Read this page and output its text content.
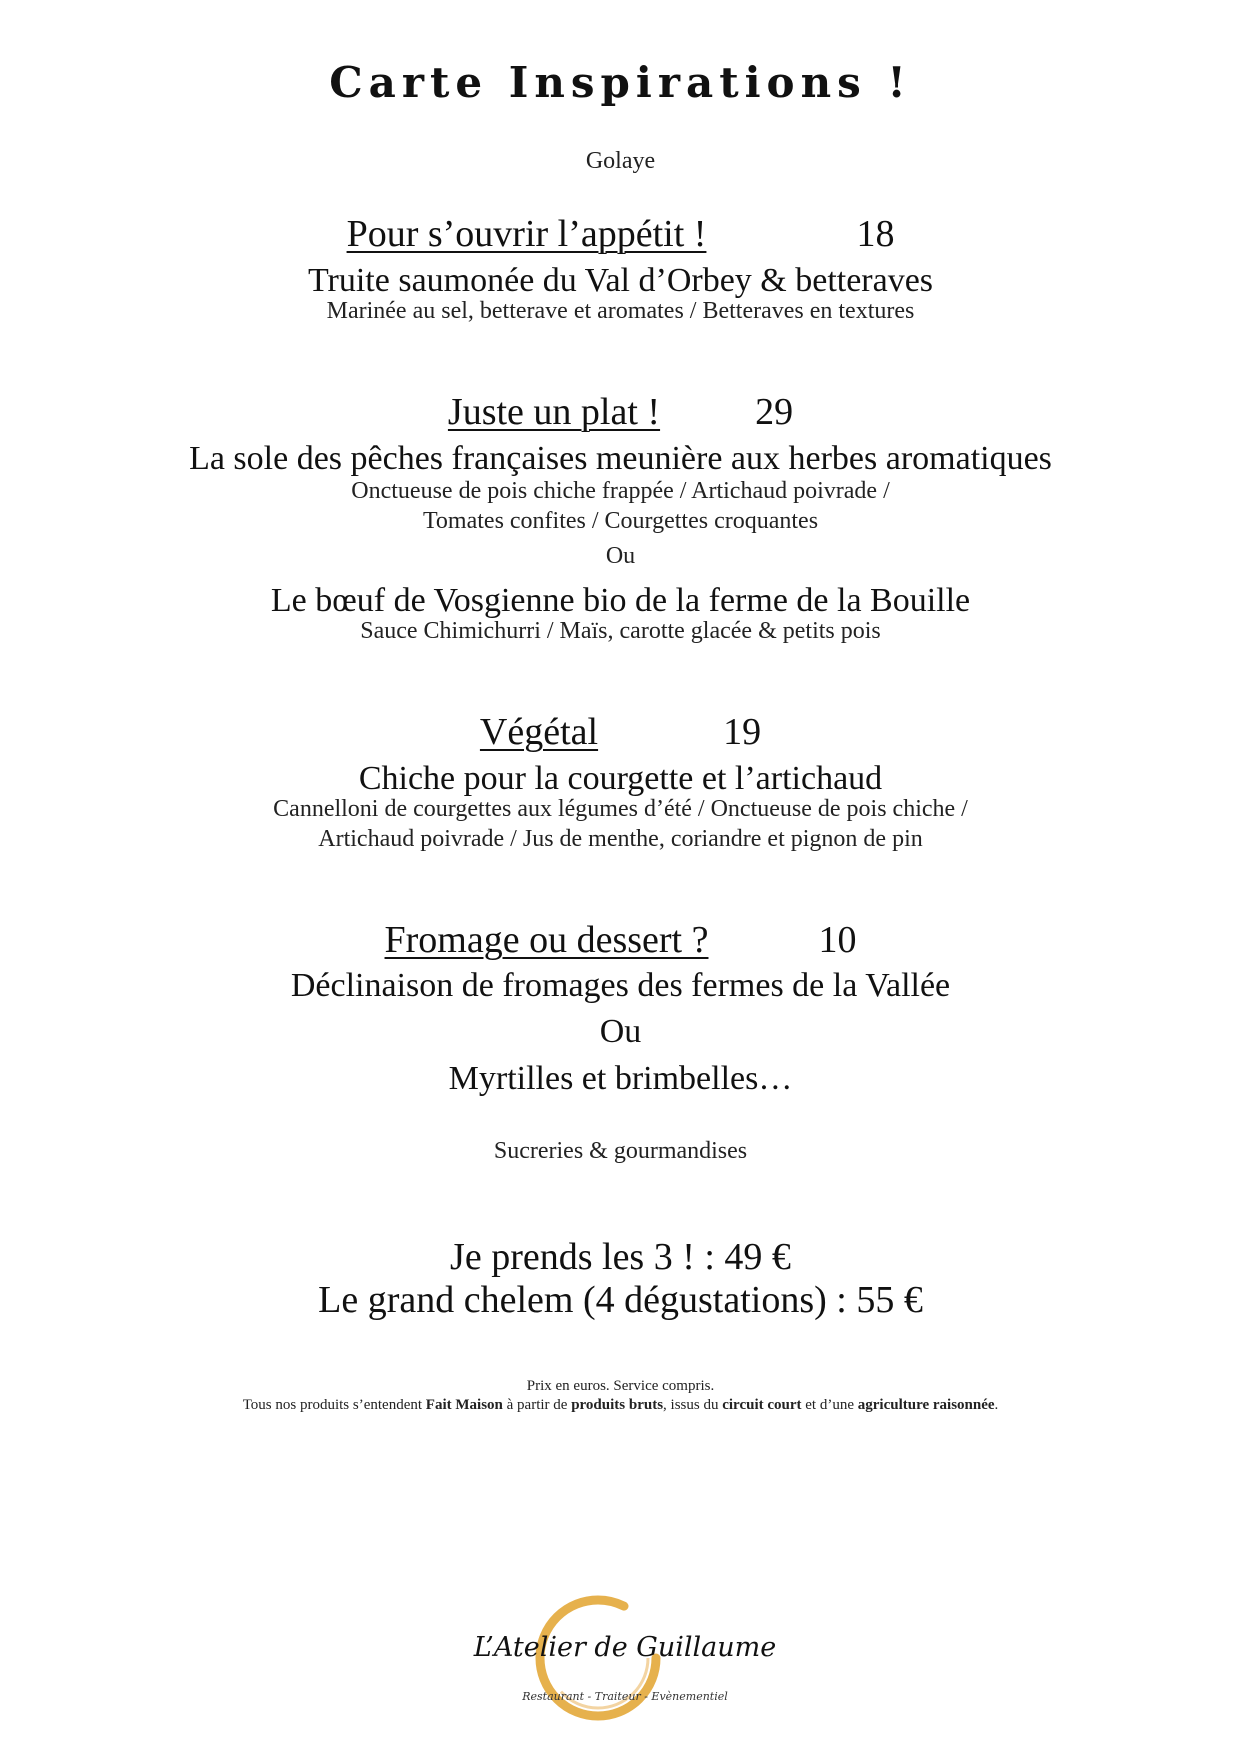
Carte Inspirations !
Golaye
Pour s’ouvrir l’appétit !	18
Truite saumonée du Val d’Orbey & betteraves
Marinée au sel, betterave et aromates / Betteraves en textures
Juste un plat !	29
La sole des pêches françaises meunière aux herbes aromatiques
Onctueuse de pois chiche frappée / Artichaud poivrade /
Tomates confites / Courgettes croquantes
Ou
Le bœuf de Vosgienne bio de la ferme de la Bouille
Sauce Chimichurri / Maïs, carotte glacée & petits pois
Végétal	19
Chiche pour la courgette et l’artichaud
Cannelloni de courgettes aux légumes d’été / Onctueuse de pois chiche /
Artichaud poivrade / Jus de menthe, coriandre et pignon de pin
Fromage ou dessert ?	10
Déclinaison de fromages des fermes de la Vallée
Ou
Myrtilles et brimbelles…
Sucreries & gourmandises
Je prends les 3 ! : 49 €
Le grand chelem (4 dégustations) : 55 €
Prix en euros. Service compris.
Tous nos produits s’entendent Fait Maison à partir de produits bruts, issus du circuit court et d’une agriculture raisonnée.
L’Atelier de Guillaume
Restaurant - Traiteur - Evènementiel
